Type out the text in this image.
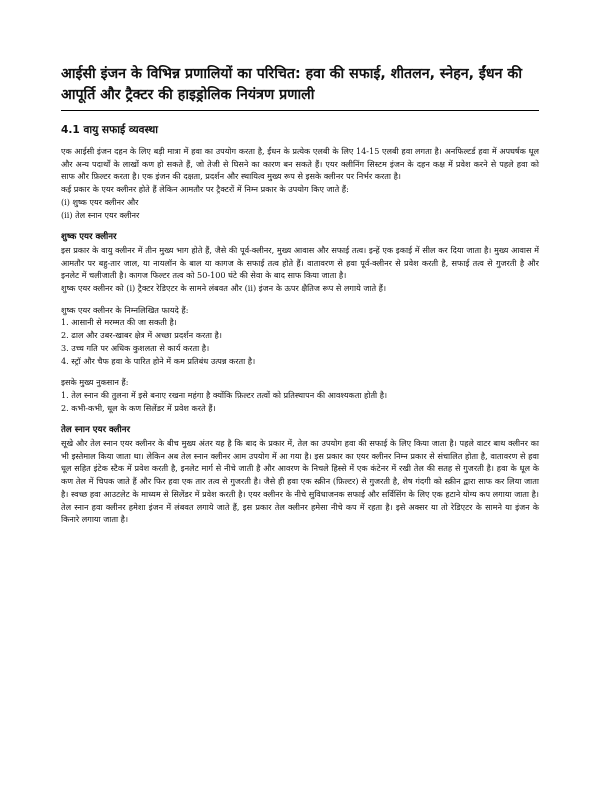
आईसी इंजन के विभिन्न प्रणालियों का परिचित: हवा की सफाई, शीतलन, स्नेहन, ईंधन की आपूर्ति और ट्रैक्टर की हाइड्रोलिक नियंत्रण प्रणाली
4.1 वायु सफाई व्यवस्था

एक आईसी इंजन दहन के लिए बड़ी मात्रा में हवा का उपयोग करता है, ईंधन के प्रत्येक एलबी के लिए 14-15 एलबी हवा लगता है। अनफिल्टर्ड हवा में अपघर्षक धूल और अन्य पदार्थों के लाखों कण हो सकते हैं, जो तेजी से घिसने का कारण बन सकते हैं। एयर क्लीनिंग सिस्टम इंजन के दहन कक्ष में प्रवेश करने से पहले हवा को साफ और फ़िल्टर करता है। एक इंजन की दक्षता, प्रदर्शन और स्थायित्व मुख्य रूप से इसके क्लीनर पर निर्भर करता है।

कई प्रकार के एयर क्लीनर होते हैं लेकिन आमतौर पर ट्रैक्टरों में निम्न प्रकार के उपयोग किए जाते हैं:

(i) शुष्क एयर क्लीनर और
(ii) तेल स्नान एयर क्लीनर

शुष्क एयर क्लीनर

इस प्रकार के वायु क्लीनर में तीन मुख्य भाग होते हैं, जैसे की पूर्व-क्लीनर, मुख्य आवास और सफाई तत्व। इन्हें एक इकाई में सील कर दिया जाता है। मुख्य आवास में आमतौर पर बहु-तार जाल, या नायलॉन के बाल या कागज के सफाई तत्व होते हैं। वातावरण से हवा पूर्व-क्लीनर से प्रवेश करती है, सफाई तत्व से गुजरती है और इनलेट में चलीजाती है। कागज फिल्टर तत्व को 50-100 घंटे की सेवा के बाद साफ किया जाता है।

शुष्क एयर क्लीनर को (i) ट्रैक्टर रेडिएटर के सामने लंबवत और (ii) इंजन के ऊपर क्षैतिज रूप से लगाये जाते हैं।

शुष्क एयर क्लीनर के निम्नलिखित फायदे हैं:

1. आसानी से मरम्मत की जा सकती है।
2. ढाल और उबर-खाबर क्षेत्र में अच्छा प्रदर्शन करता है।
3. उच्च गति पर अधिक कुशलता से कार्य करता है।
4. स्ट्रॉ और चैफ हवा के पारित होने में कम प्रतिबंध उत्पन्न करता है।

इसके मुख्य नुकसान हैं:

1. तेल स्नान की तुलना में इसे बनाए रखना महंगा है क्योंकि फ़िल्टर तत्वों को प्रतिस्थापन की आवश्यकता होती है।
2. कभी-कभी, धूल के कण सिलेंडर में प्रवेश करते हैं।

तेल स्नान एयर क्लीनर

सूखे और तेल स्नान एयर क्लीनर के बीच मुख्य अंतर यह है कि बाद के प्रकार में, तेल का उपयोग हवा की सफाई के लिए किया जाता है। पहले वाटर बाथ क्लीनर का भी इस्तेमाल किया जाता था। लेकिन अब तेल स्नान क्लीनर आम उपयोग में आ गया है। इस प्रकार का एयर क्लीनर निम्न प्रकार से संचालित होता है, वातावरण से हवा धूल सहित इंटेक स्टैक में प्रवेश करती है, इनलेट मार्ग से नीचे जाती है और आवरण के निचले हिस्से में एक कंटेनर में रखी तेल की सतह से गुजरती है। हवा के धूल के कण तेल में चिपक जाते हैं और फिर हवा एक तार तत्व से गुजरती है। जैसे ही हवा एक स्क्रीन (फ़िल्टर) से गुजरती है, शेष गंदगी को स्क्रीन द्वारा साफ कर लिया जाता है। स्वच्छ हवा आउटलेट के माध्यम से सिलेंडर में प्रवेश करती है। एयर क्लीनर के नीचे सुविधाजनक सफाई और सर्विसिंग के लिए एक हटाने योग्य कप लगाया जाता है। तेल स्नान हवा क्लीनर हमेशा इंजन में लंबवत लगाये जाते हैं, इस प्रकार तेल क्लीनर हमेसा नीचे कप में रहता है। इसे अक्सर या तो रेडिएटर के सामने या इंजन के किनारे लगाया जाता है।
